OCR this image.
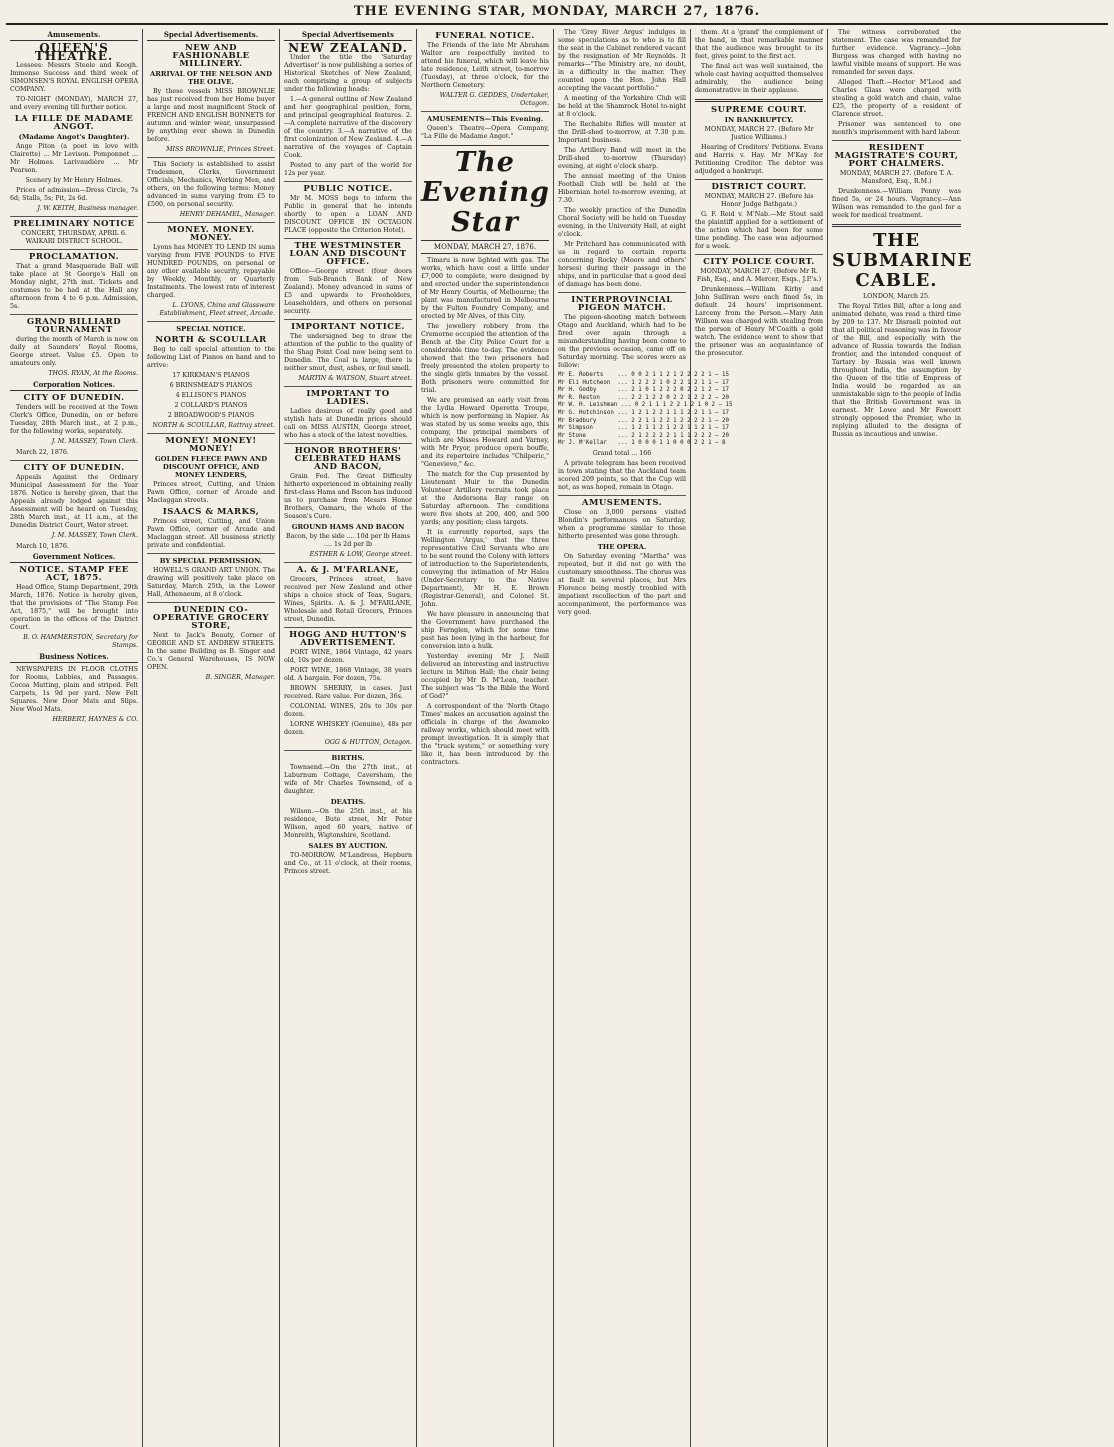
THE EVENING STAR, MONDAY, MARCH 27, 1876.
Amusements.
QUEEN'S THEATRE.

Lessees: Messrs Steele and Keogh. Immense Success and third week of SIMONSEN'S ROYAL ENGLISH OPERA COMPANY.

TO-NIGHT (MONDAY), MARCH 27, and every evening till further notice.

LA FILLE DE MADAME ANGOT.
(Madame Angot's Daughter).

Ange Piton (a poet in love with Clairette) ... Mr Levison. Pomponnet ... Mr Holmes. Larivaudière ... Mr Pearson.

Scenery by Mr Henry Holmes.

Prices of admission—Dress Circle, 7s 6d; Stalls, 5s; Pit, 2s 6d.

J. W. KEITH, Business manager.
PRELIMINARY NOTICE

CONCERT, THURSDAY, APRIL 6. WAIKARI DISTRICT SCHOOL.

PROCLAMATION.

That a grand Masquerade Ball will take place at St George's Hall on Monday night, 27th inst. Tickets and costumes to be had at the Hall any afternoon from 4 to 6 p.m. Admission, 5s.

GRAND BILLIARD TOURNAMENT

during the month of March is now on daily at Saunders' Royal Rooms, George street. Value £5. Open to amateurs only.

THOS. RYAN, At the Rooms.
Corporation Notices.
CITY OF DUNEDIN.

Tenders will be received at the Town Clerk's Office, Dunedin, on or before Tuesday, 28th March inst., at 2 p.m., for the following works, separately.

J. M. MASSEY, Town Clerk.

March 22, 1876.

CITY OF DUNEDIN.

Appeals Against the Ordinary Municipal Assessment for the Year 1876. Notice is hereby given, that the Appeals already lodged against this Assessment will be heard on Tuesday, 28th March inst., at 11 a.m., at the Dunedin District Court, Water street.

J. M. MASSEY, Town Clerk.

March 10, 1876.

Government Notices.
NOTICE. STAMP FEE ACT, 1875.

Head Office, Stamp Department, 29th March, 1876. Notice is hereby given, that the provisions of "The Stamp Fee Act, 1875," will be brought into operation in the offices of the District Court.

B. O. HAMMERSTON, Secretary for Stamps.
Business Notices.

NEWSPAPERS IN FLOOR CLOTHS for Rooms, Lobbies, and Passages. Cocoa Matting, plain and striped. Felt Carpets, 1s 9d per yard. New Felt Squares. New Door Mats and Slips. New Wool Mats.

HERBERT, HAYNES & CO.
Special Advertisements.
NEW AND FASHIONABLE MILLINERY.
ARRIVAL OF THE NELSON AND THE OLIVE.

By these vessels MISS BROWNLIE has just received from her Home buyer a large and most magnificent Stock of FRENCH AND ENGLISH BONNETS for autumn and winter wear, unsurpassed by anything ever shown in Dunedin before.

MISS BROWNLIE, Princes Street.

This Society is established to assist Tradesmen, Clerks, Government Officials, Mechanics, Working Men, and others, on the following terms: Money advanced in sums varying from £5 to £500, on personal security.

HENRY DEHAMEL, Manager.
MONEY. MONEY. MONEY.

Lyons has MONEY TO LEND IN sums varying from FIVE POUNDS to FIVE HUNDRED POUNDS, on personal or any other available security, repayable by Weekly, Monthly, or Quarterly Instalments. The lowest rate of interest charged.

L. LYONS, China and Glassware Establishment, Fleet street, Arcade.
SPECIAL NOTICE.
NORTH & SCOULLAR

Beg to call special attention to the following List of Pianos on hand and to arrive:

17 KIRKMAN'S PIANOS

6 BRINSMEAD'S PIANOS

4 ELLISON'S PIANOS

2 COLLARD'S PIANOS

2 BROADWOOD'S PIANOS

NORTH & SCOULLAR, Rattray street.
MONEY! MONEY! MONEY!
GOLDEN FLEECE PAWN AND DISCOUNT OFFICE, AND MONEY LENDERS,

Princes street, Cutting, and Union Pawn Office, corner of Arcade and Maclaggan streets.

ISAACS & MARKS,

Princes street, Cutting, and Union Pawn Office, corner of Arcade and Maclaggan street. All business strictly private and confidential.

BY SPECIAL PERMISSION.

HOWELL'S GRAND ART UNION. The drawing will positively take place on Saturday, March 25th, in the Lower Hall, Athenaeum, at 8 o'clock.

DUNEDIN CO-OPERATIVE GROCERY STORE,

Next to Jack's Beauty, Corner of GEORGE AND ST. ANDREW STREETS. In the same Building as B. Singer and Co.'s General Warehouses, IS NOW OPEN.

B. SINGER, Manager.
Special Advertisements
NEW ZEALAND.

Under the title the 'Saturday Advertiser' is now publishing a series of Historical Sketches of New Zealand, each comprising a group of subjects under the following heads:

1.—A general outline of New Zealand and her geographical position, form, and principal geographical features. 2.—A complete narrative of the discovery of the country. 3.—A narrative of the first colonization of New Zealand. 4.—A narrative of the voyages of Captain Cook.

Posted to any part of the world for 12s per year.

PUBLIC NOTICE.

Mr M. MOSS begs to inform the Public in general that he intends shortly to open a LOAN AND DISCOUNT OFFICE IN OCTAGON PLACE (opposite the Criterion Hotel).

THE WESTMINSTER LOAN AND DISCOUNT OFFICE.

Office—George street (four doors from Sub-Branch Bank of New Zealand). Money advanced in sums of £5 and upwards to Freeholders, Leaseholders, and others on personal security.

IMPORTANT NOTICE.

The undersigned beg to draw the attention of the public to the quality of the Shag Point Coal now being sent to Dunedin. The Coal is large, there is neither smut, dust, ashes, or foul smell.

MARTIN & WATSON, Stuart street.
IMPORTANT TO LADIES.

Ladies desirous of really good and stylish hats at Dunedin prices should call on MISS AUSTIN, George street, who has a stock of the latest novelties.

HONOR BROTHERS' CELEBRATED HAMS AND BACON,

Grain Fed. The Great Difficulty hitherto experienced in obtaining really first-class Hams and Bacon has induced us to purchase from Messrs Honor Brothers, Oamaru, the whole of the Season's Cure.

GROUND HAMS AND BACON

Bacon, by the side .... 10d per lb Hams .... 1s 2d per lb

ESTHER & LOW, George street.
A. & J. M'FARLANE,

Grocers, Princes street, have received per New Zealand and other ships a choice stock of Teas, Sugars, Wines, Spirits. A. & J. M'FARLANE, Wholesale and Retail Grocers, Princes street, Dunedin.

HOGG AND HUTTON'S ADVERTISEMENT.

PORT WINE, 1864 Vintage, 42 years old, 10s per dozen.

PORT WINE, 1868 Vintage, 38 years old. A bargain. For dozen, 75s.

BROWN SHERRY, in cases. Just received. Rare value. For dozen, 36s.

COLONIAL WINES, 20s to 30s per dozen.

LORNE WHISKEY (Genuine), 48s per dozen.

OGG & HUTTON, Octagon.
BIRTHS.

Townsend.—On the 27th inst., at Laburnum Cottage, Caversham, the wife of Mr Charles Townsend, of a daughter.

DEATHS.

Wilson.—On the 25th inst., at his residence, Bute street, Mr Peter Wilson, aged 60 years, native of Monreith, Wigtonshire, Scotland.

SALES BY AUCTION.

TO-MORROW. M'Landress, Hepburn and Co., at 11 o'clock, at their rooms, Princes street.

FUNERAL NOTICE.

The Friends of the late Mr Abraham Walter are respectfully invited to attend his funeral, which will leave his late residence, Leith street, to-morrow (Tuesday), at three o'clock, for the Northern Cemetery.

WALTER G. GEDDES, Undertaker, Octagon.
AMUSEMENTS—This Evening.

Queen's Theatre—Opera Company, "La Fille de Madame Angot."

The Evening Star
MONDAY, MARCH 27, 1876.

Timaru is now lighted with gas. The works, which have cost a little under £7,000 to complete, were designed by and erected under the superintendence of Mr Henry Courtis, of Melbourne; the plant was manufactured in Melbourne by the Fulton Foundry Company, and erected by Mr Alves, of this City.

The jewellery robbery from the Cremorne occupied the attention of the Bench at the City Police Court for a considerable time to-day. The evidence showed that the two prisoners had freely presented the stolen property to the single girls inmates by the vessel. Both prisoners were committed for trial.

We are promised an early visit from the Lydia Howard Operetta Troupe, which is now performing in Napier. As was stated by us some weeks ago, this company, the principal members of which are Misses Howard and Varney, with Mr Pryor, produce opera bouffe, and its repertoire includes "Chilperic," "Genevieve," &c.

The match for the Cup presented by Lieutenant Muir to the Dunedin Volunteer Artillery recruits took place at the Andersons Bay range on Saturday afternoon. The conditions were five shots at 200, 400, and 500 yards; any position; class targets.

It is currently reported, says the Wellington 'Argus,' that the three representative Civil Servants who are to be sent round the Colony with letters of introduction to the Superintendents, conveying the intimation of Mr Hales (Under-Secretary to the Native Department), Mr H. E. Brown (Registrar-General), and Colonel St. John.

We have pleasure in announcing that the Government have purchased the ship Fernglen, which for some time past has been lying in the harbour, for conversion into a hulk.

Yesterday evening Mr J. Neill delivered an interesting and instructive lecture in Milton Hall; the chair being occupied by Mr D. M'Lean, teacher. The subject was "Is the Bible the Word of God?"

A correspondent of the 'North Otago Times' makes an accusation against the officials in charge of the Awamoko railway works, which should meet with prompt investigation. It is simply that the "truck system," or something very like it, has been introduced by the contractors.

The 'Grey River Argus' indulges in some speculations as to who is to fill the seat in the Cabinet rendered vacant by the resignation of Mr Reynolds. It remarks—"The Ministry are, no doubt, in a difficulty in the matter. They counted upon the Hon. John Hall accepting the vacant portfolio."

A meeting of the Yorkshire Club will be held at the Shamrock Hotel to-night at 8 o'clock.

The Rechabite Rifles will muster at the Drill-shed to-morrow, at 7.30 p.m. Important business.

The Artillery Band will meet in the Drill-shed to-morrow (Thursday) evening, at eight o'clock sharp.

The annual meeting of the Union Football Club will be held at the Hibernian hotel to-morrow evening, at 7.30.

The weekly practice of the Dunedin Choral Society will be held on Tuesday evening, in the University Hall, at eight o'clock.

Mr Pritchard has communicated with us in regard to certain reports concerning Rocky (Moore and others' horses) during their passage in the ships, and in particular that a good deal of damage has been done.

INTERPROVINCIAL PIGEON MATCH.

The pigeon-shooting match between Otago and Auckland, which had to be fired over again through a misunderstanding having been come to on the previous occasion, came off on Saturday morning. The scores were as follow:

Mr E. Roberts    ... 0 0 2 1 1 2 1 2 2 2 2 1 — 15
Mr Eli Hutcheon  ... 1 2 2 2 1 0 2 2 1 2 1 1 — 17
Mr H. Godby      ... 2 1 0 1 2 2 2 0 2 2 1 2 — 17
Mr R. Reston     ... 2 2 1 2 2 0 2 2 1 2 2 2 — 20
Mr W. H. Leishman ... 0 2 1 1 1 2 2 1 2 1 0 2 — 15
Mr G. Hutchinson ... 1 2 1 2 2 1 1 1 2 2 1 1 — 17
Mr Bradbury      ... 2 2 1 1 2 2 1 2 2 2 2 1 — 20
Mr Simpson       ... 1 2 1 1 2 1 2 2 1 1 2 1 — 17
Mr Stone         ... 2 1 2 2 2 2 1 1 1 2 2 2 — 20
Mr J. M'Kellar   ... 1 0 0 0 1 1 0 0 0 2 2 1 — 8

Grand total ... 166

A private telegram has been received in town stating that the Auckland team scored 209 points, so that the Cup will not, as was hoped, remain in Otago.

AMUSEMENTS.

Close on 3,000 persons visited Blondin's performances on Saturday, when a programme similar to those hitherto presented was gone through.

THE OPERA.

On Saturday evening "Martha" was repeated, but it did not go with the customary smoothness. The chorus was at fault in several places, but Mrs Florence being mostly troubled with impatient recollection of the part and accompaniment, the performance was very good.

them. At a 'grand' the complement of the band, in that remarkable manner that the audience was brought to its feet, gives point to the first act.

The final act was well sustained, the whole cast having acquitted themselves admirably, the audience being demonstrative in their applause.

SUPREME COURT.
IN BANKRUPTCY.

MONDAY, MARCH 27. (Before Mr Justice Williams.)

Hearing of Creditors' Petitions. Evans and Harris v. Hay. Mr M'Kay for Petitioning Creditor. The debtor was adjudged a bankrupt.

DISTRICT COURT.

MONDAY, MARCH 27. (Before his Honor Judge Bathgate.)

G. F. Reid v. M'Nab.—Mr Stout said the plaintiff applied for a settlement of the action which had been for some time pending. The case was adjourned for a week.

CITY POLICE COURT.

MONDAY, MARCH 27. (Before Mr R. Fish, Esq., and A. Mercer, Esqs., J.P.'s.)

Drunkenness.—William Kirby and John Sullivan were each fined 5s, in default 24 hours' imprisonment. Larceny from the Person.—Mary Ann Willson was charged with stealing from the person of Henry M'Coaith a gold watch. The evidence went to show that the prisoner was an acquaintance of the prosecutor.

The witness corroborated the statement. The case was remanded for further evidence. Vagrancy.—John Burgess was charged with having no lawful visible means of support. He was remanded for seven days.

Alleged Theft.—Hector M'Leod and Charles Glass were charged with stealing a gold watch and chain, value £25, the property of a resident of Clarence street.

Prisoner was sentenced to one month's imprisonment with hard labour.

RESIDENT MAGISTRATE'S COURT, PORT CHALMERS.

MONDAY, MARCH 27. (Before T. A. Mansford, Esq., R.M.)

Drunkenness.—William Penny was fined 5s, or 24 hours. Vagrancy.—Ann Wilson was remanded to the gaol for a week for medical treatment.

THE SUBMARINE CABLE.

LONDON, March 25.

The Royal Titles Bill, after a long and animated debate, was read a third time by 209 to 137. Mr Disraeli pointed out that all political reasoning was in favour of the Bill, and especially with the advance of Russia towards the Indian frontier, and the intended conquest of Tartary by Russia was well known throughout India, the assumption by the Queen of the title of Empress of India would be regarded as an unmistakable sign to the people of India that the British Government was in earnest. Mr Lowe and Mr Fawcett strongly opposed the Premier, who in replying alluded to the designs of Russia as incautious and unwise.
